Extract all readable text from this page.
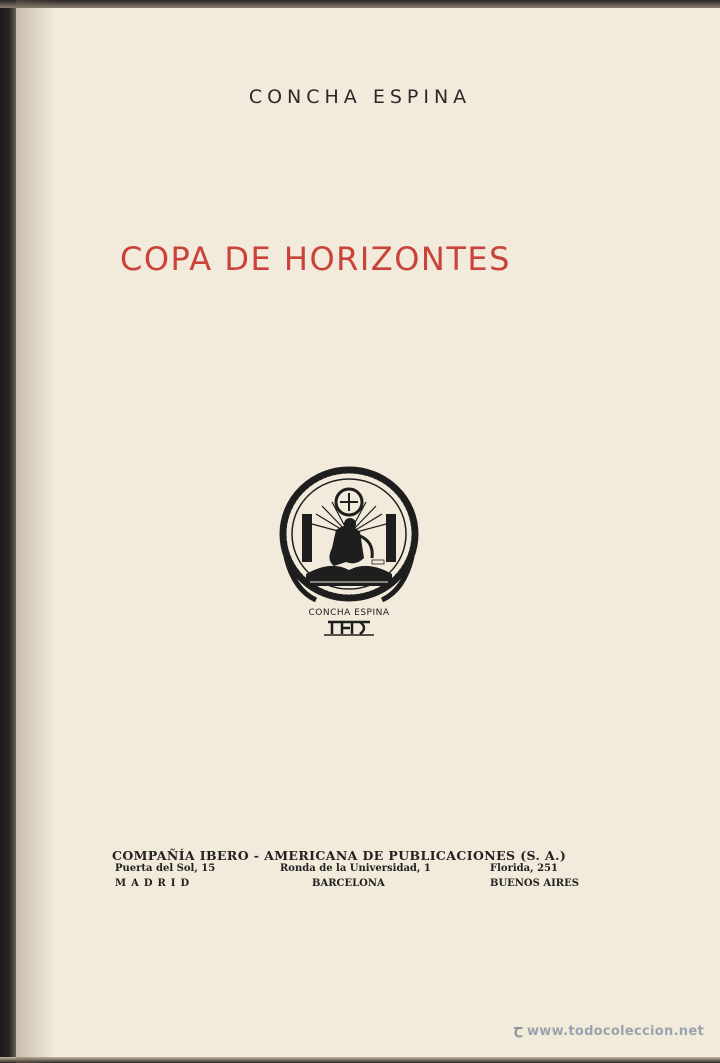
CONCHA ESPINA
COPA DE HORIZONTES
CONCHA ESPINA
COMPAÑÍA IBERO - AMERICANA DE PUBLICACIONES (S. A.)
Puerta del Sol, 15	Ronda de la Universidad, 1	Florida, 251
MADRID	BARCELONA	BUENOS AIRES
ꞇ www.todocoleccion.net
